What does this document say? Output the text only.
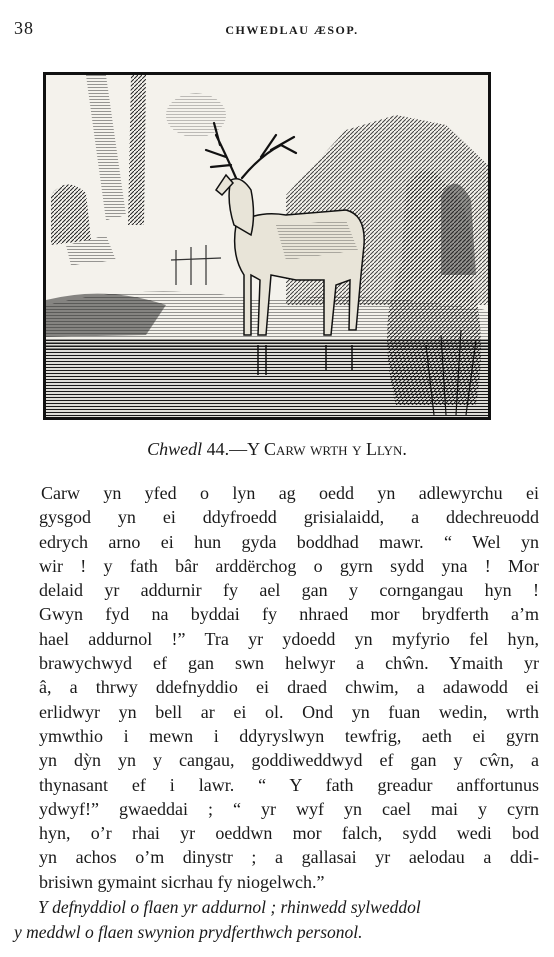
38	CHWEDLAU ÆSOP.
Chwedl 44.—Y Carw wrth y Llyn.
Carw yn yfed o lyn ag oedd yn adlewyrchu ei
gysgod yn ei ddyfroedd grisialaidd, a ddechreuodd
edrych arno ei hun gyda boddhad mawr. “ Wel yn
wir ! y fath bâr arddërchog o gyrn sydd yna ! Mor
delaid yr addurnir fy ael gan y corngangau hyn !
Gwyn fyd na byddai fy nhraed mor brydferth a’m
hael addurnol !” Tra yr ydoedd yn myfyrio fel hyn,
brawychwyd ef gan swn helwyr a chŵn. Ymaith yr
â, a thrwy ddefnyddio ei draed chwim, a adawodd ei
erlidwyr yn bell ar ei ol. Ond yn fuan wedin, wrth
ymwthio i mewn i ddyryslwyn tewfrig, aeth ei gyrn
yn dỳn yn y cangau, goddiweddwyd ef gan y cŵn, a
thynasant ef i lawr. “ Y fath greadur anffortunus
ydwyf!” gwaeddai ; “ yr wyf yn cael mai y cyrn
hyn, o’r rhai yr oeddwn mor falch, sydd wedi bod
yn achos o’m dinystr ; a gallasai yr aelodau a ddi-
brisiwn gymaint sicrhau fy niogelwch.”
Y defnyddiol o flaen yr addurnol ; rhinwedd sylweddol
y meddwl o flaen swynion prydferthwch personol.
